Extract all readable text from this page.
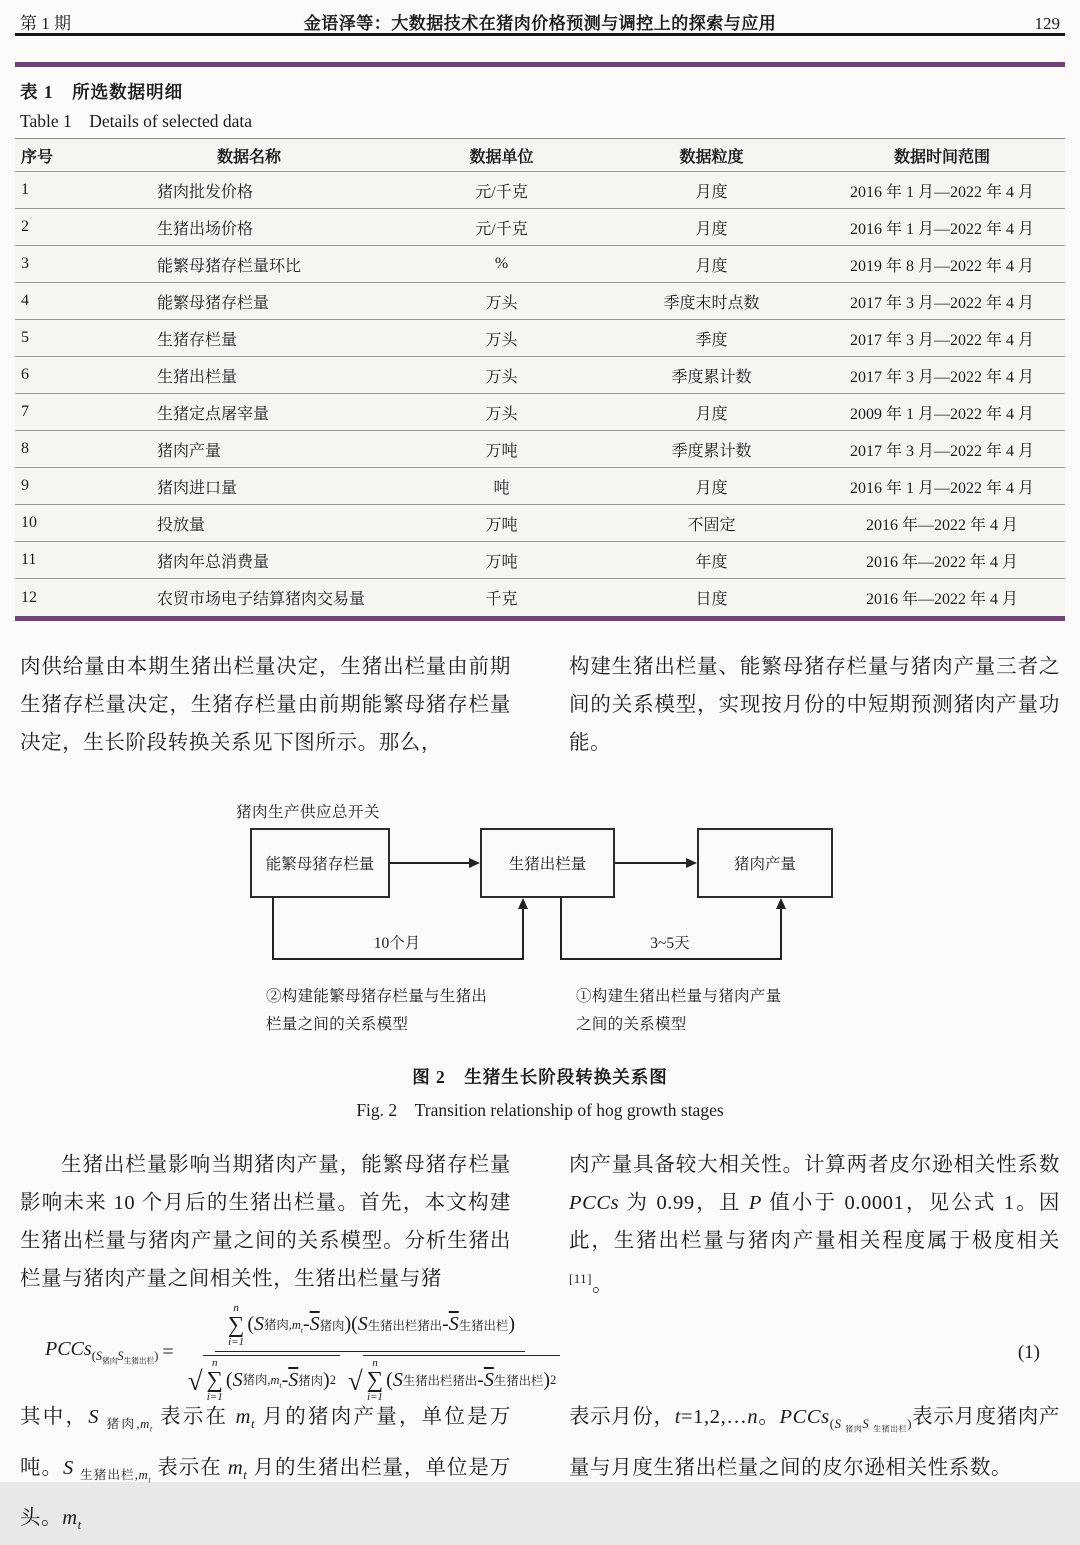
第 1 期	金语泽等：大数据技术在猪肉价格预测与调控上的探索与应用	129
表 1　所选数据明细
Table 1　Details of selected data
序号	数据名称	数据单位	数据粒度	数据时间范围
1	猪肉批发价格	元/千克	月度	2016 年 1 月—2022 年 4 月
2	生猪出场价格	元/千克	月度	2016 年 1 月—2022 年 4 月
3	能繁母猪存栏量环比	%	月度	2019 年 8 月—2022 年 4 月
4	能繁母猪存栏量	万头	季度末时点数	2017 年 3 月—2022 年 4 月
5	生猪存栏量	万头	季度	2017 年 3 月—2022 年 4 月
6	生猪出栏量	万头	季度累计数	2017 年 3 月—2022 年 4 月
7	生猪定点屠宰量	万头	月度	2009 年 1 月—2022 年 4 月
8	猪肉产量	万吨	季度累计数	2017 年 3 月—2022 年 4 月
9	猪肉进口量	吨	月度	2016 年 1 月—2022 年 4 月
10	投放量	万吨	不固定	2016 年—2022 年 4 月
11	猪肉年总消费量	万吨	年度	2016 年—2022 年 4 月
12	农贸市场电子结算猪肉交易量	千克	日度	2016 年—2022 年 4 月
肉供给量由本期生猪出栏量决定，生猪出栏量由前期生猪存栏量决定，生猪存栏量由前期能繁母猪存栏量决定，生长阶段转换关系见下图所示。那么，
构建生猪出栏量、能繁母猪存栏量与猪肉产量三者之间的关系模型，实现按月份的中短期预测猪肉产量功能。
猪肉生产供应总开关
能繁母猪存栏量	生猪出栏量	猪肉产量
10个月	3~5天
②构建能繁母猪存栏量与生猪出
栏量之间的关系模型
①构建生猪出栏量与猪肉产量
之间的关系模型
图 2　生猪生长阶段转换关系图
Fig. 2　Transition relationship of hog growth stages
生猪出栏量影响当期猪肉产量，能繁母猪存栏量影响未来 10 个月后的生猪出栏量。首先，本文构建生猪出栏量与猪肉产量之间的关系模型。分析生猪出栏量与猪肉产量之间相关性，生猪出栏量与猪
肉产量具备较大相关性。计算两者皮尔逊相关性系数 PCCs 为 0.99，且 P 值小于 0.0001，见公式 1。因此，生猪出栏量与猪肉产量相关程度属于极度相关[11]。
PCCs$_{(S_{猪肉}S_{生猪出栏})}$ = n
∑
i=1
( S 猪肉$,m_t - \overline{S}$ 猪肉 )( S 生猪出栏猪出 - $\overline{S}$ 生猪出栏 )
√
n
∑
i=1
( S 猪肉$,m_t - \overline{S}$ 猪肉 ) 2 √
n
∑
i=1
( S 生猪出栏猪出 - $\overline{S}$ 生猪出栏 ) 2	(1)
其中，S $_{猪肉,m_t}$ 表示在 $m_t$ 月的猪肉产量，单位是万吨。S $_{生猪出栏,m_t}$ 表示在 $m_t$ 月的生猪出栏量，单位是万头。$m_t$
表示月份，t=1,2,…n。PCCs$_{(S _{猪肉}S _{生猪出栏})}$表示月度猪肉产量与月度生猪出栏量之间的皮尔逊相关性系数。
